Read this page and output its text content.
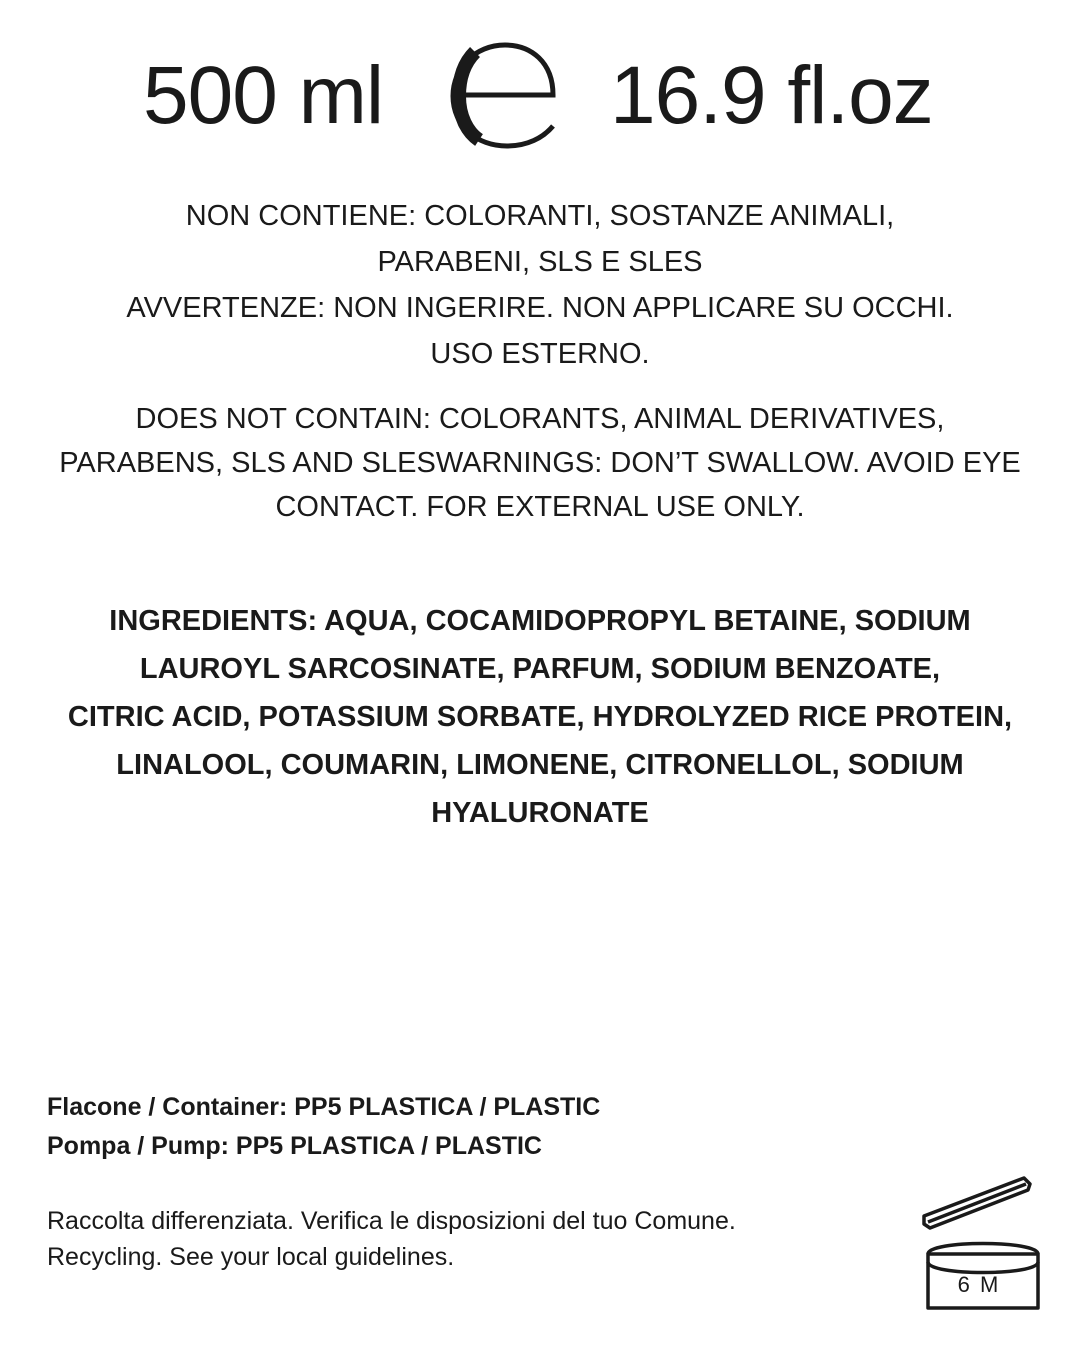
500 ml	16.9 fl.oz
NON CONTIENE: COLORANTI, SOSTANZE ANIMALI,
PARABENI, SLS E SLES
AVVERTENZE: NON INGERIRE. NON APPLICARE SU OCCHI.
USO ESTERNO.
DOES NOT CONTAIN: COLORANTS, ANIMAL DERIVATIVES,
PARABENS, SLS AND SLESWARNINGS: DON’T SWALLOW. AVOID EYE
CONTACT. FOR EXTERNAL USE ONLY.
INGREDIENTS: AQUA, COCAMIDOPROPYL BETAINE, SODIUM
LAUROYL SARCOSINATE, PARFUM, SODIUM BENZOATE,
CITRIC ACID, POTASSIUM SORBATE, HYDROLYZED RICE PROTEIN,
LINALOOL, COUMARIN, LIMONENE, CITRONELLOL, SODIUM
HYALURONATE
Flacone / Container: PP5 PLASTICA / PLASTIC
Pompa / Pump: PP5 PLASTICA / PLASTIC
Raccolta differenziata. Verifica le disposizioni del tuo Comune.
Recycling. See your local guidelines.
6 M
